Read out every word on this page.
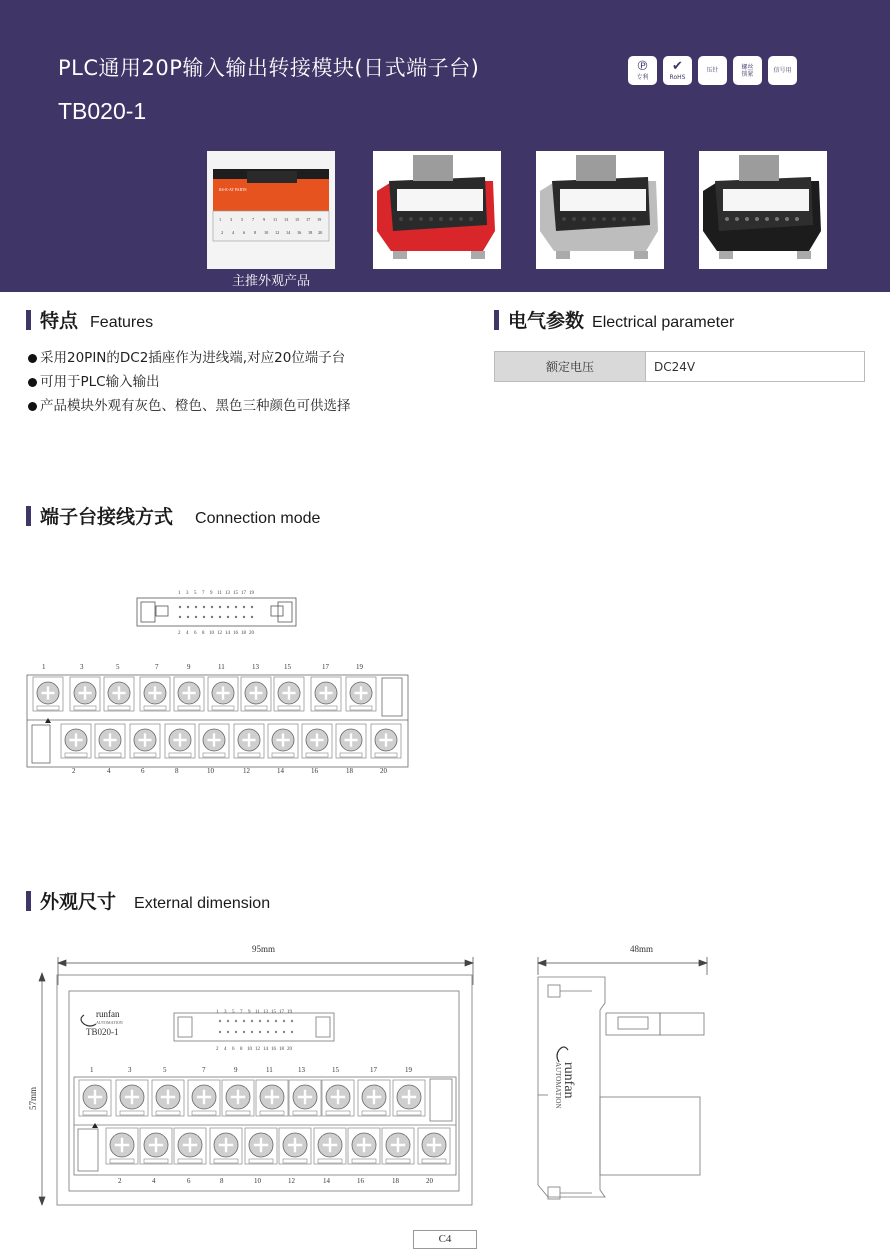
PLC通用20P输入输出转接模块(日式端子台)
TB020-1
℗
专利
✔
RoHS
压针	螺丝锁紧	信号用
RS-E-AT PARTS
1 3 5 7 9 11 13 15 17 19
2 4 6 8 10 12 14 16 18 20
主推外观产品
特点 Features
采用20PIN的DC2插座作为进线端,对应20位端子台
可用于PLC输入输出
产品模块外观有灰色、橙色、黑色三种颜色可供选择
电气参数 Electrical parameter
额定电压	DC24V
端子台接线方式 Connection mode
1 3 5 7 9 11 13 15 17 19
2 4 6 8 10 12 14 16 18 20
1	3	5	7	9	11	13	15	17	19
2	4	6	8	10	12	14	16	18	20
外观尺寸 External dimension
95mm
57mm
1 3 5 7 9 11 13 15 17 19
2 4 6 8 10 12 14 16 18 20
runfan
AUTOMATION
TB020-1
1	3	5	7	9	11	13	15	17	19
2	4	6	8	10	12	14	16	18	20
48mm
runfan
AUTOMATION
C4
